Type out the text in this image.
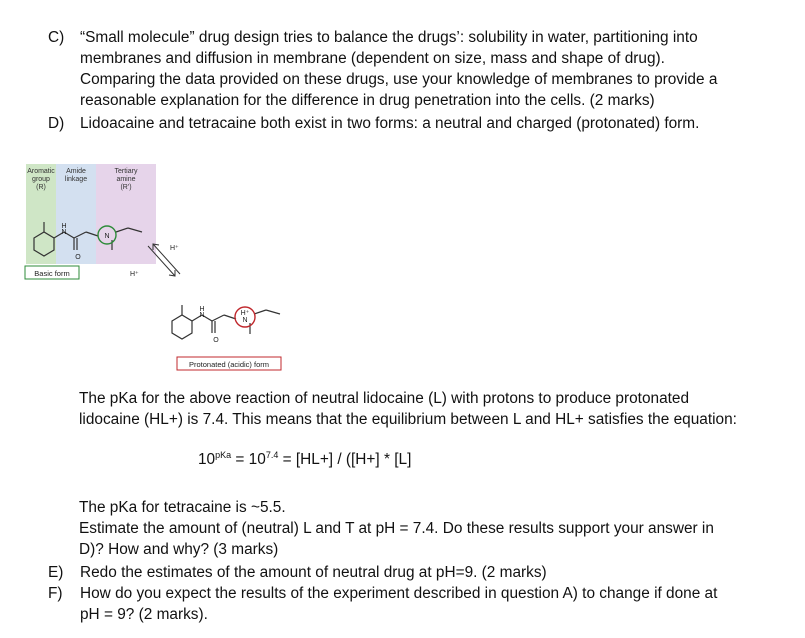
C) “Small molecule” drug design tries to balance the drugs’: solubility in water, partitioning into
membranes and diffusion in membrane (dependent on size, mass and shape of drug).
Comparing the data provided on these drugs, use your knowledge of membranes to provide a
reasonable explanation for the difference in drug penetration into the cells. (2 marks)
D) Lidoacaine and tetracaine both exist in two forms: a neutral and charged (protonated) form.
Aromatic
group
(R)
Amide
linkage
Tertiary
amine
(R')
H
N
O
N
Basic form
H⁺
H⁺
H
N
O
H⁺
N
Protonated (acidic) form
The pKa for the above reaction of neutral lidocaine (L) with protons to produce protonated
lidocaine (HL+) is 7.4. This means that the equilibrium between L and HL+ satisfies the equation:
$10^{pKa} = 10^{7.4} = [HL+] / ([H+] * [L]$
The pKa for tetracaine is ~5.5.
Estimate the amount of (neutral) L and T at pH = 7.4. Do these results support your answer in
D)? How and why? (3 marks)
E) Redo the estimates of the amount of neutral drug at pH=9. (2 marks)
F) How do you expect the results of the experiment described in question A) to change if done at
pH = 9? (2 marks).
